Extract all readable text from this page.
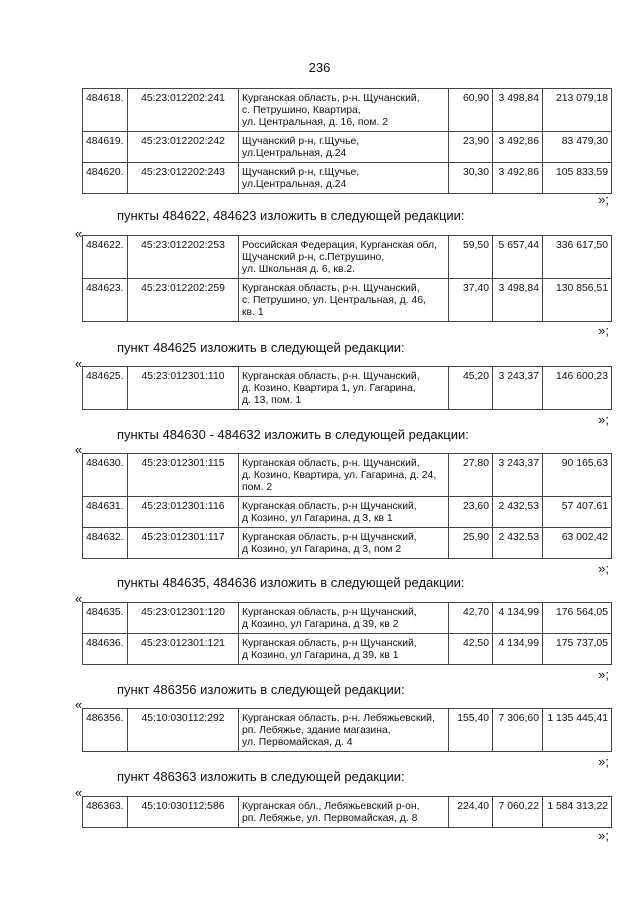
236
484618.	45:23:012202:241	Курганская область, р-н. Щучанский,
с. Петрушино, Квартира,
ул. Центральная, д. 16, пом. 2	60,90	3 498,84	213 079,18
484619.	45:23:012202:242	Щучанский р-н, г.Щучье,
ул.Центральная, д.24	23,90	3 492,86	83 479,30
484620.	45:23:012202:243	Щучанский р-н, г.Щучье,
ул.Центральная, д.24	30,30	3 492,86	105 833,59
»;
пункты 484622, 484623 изложить в следующей редакции:
«
484622.	45:23:012202:253	Российская Федерация, Курганская обл,
Щучанский р-н, с.Петрушино,
ул. Школьная д. 6, кв.2.	59,50	5 657,44	336 617,50
484623.	45:23:012202:259	Курганская область, р-н. Щучанский,
с. Петрушино, ул. Центральная, д. 46,
кв. 1	37,40	3 498,84	130 856,51
»;
пункт 484625 изложить в следующей редакции:
«
484625.	45:23:012301:110	Курганская область, р-н. Щучанский,
д. Козино, Квартира 1, ул. Гагарина,
д. 13, пом. 1
	45,20	3 243,37	146 600,23
»;
пункты 484630 - 484632 изложить в следующей редакции:
«
484630.	45:23:012301:115	Курганская область, р-н. Щучанский,
д. Козино, Квартира, ул. Гагарина, д. 24,
пом. 2	27,80	3 243,37	90 165,63
484631.	45:23:012301:116	Курганская область, р-н Щучанский,
д Козино, ул Гагарина, д 3, кв 1	23,60	2 432,53	57 407,61
484632.	45:23:012301:117	Курганская область, р-н Щучанский,
д Козино, ул Гагарина, д 3, пом 2	25,90	2 432,53	63 002,42
»;
пункты 484635, 484636 изложить в следующей редакции:
«
484635.	45:23:012301:120	Курганская область, р-н Щучанский,
д Козино, ул Гагарина, д 39, кв 2	42,70	4 134,99	176 564,05
484636.	45:23:012301:121	Курганская область, р-н Щучанский,
д Козино, ул Гагарина, д 39, кв 1	42,50	4 134,99	175 737,05
»;
пункт 486356 изложить в следующей редакции:
«
486356.	45:10:030112:292	Курганская область, р-н. Лебяжьевский,
рп. Лебяжье, здание магазина,
ул. Первомайская, д. 4
	155,40	7 306,60	1 135 445,41
»;
пункт 486363 изложить в следующей редакции:
«
486363.	45:10:030112:586	Курганская обл., Лебяжьевский р-он,
рп. Лебяжье, ул. Первомайская, д. 8
	224,40	7 060,22	1 584 313,22
»;
